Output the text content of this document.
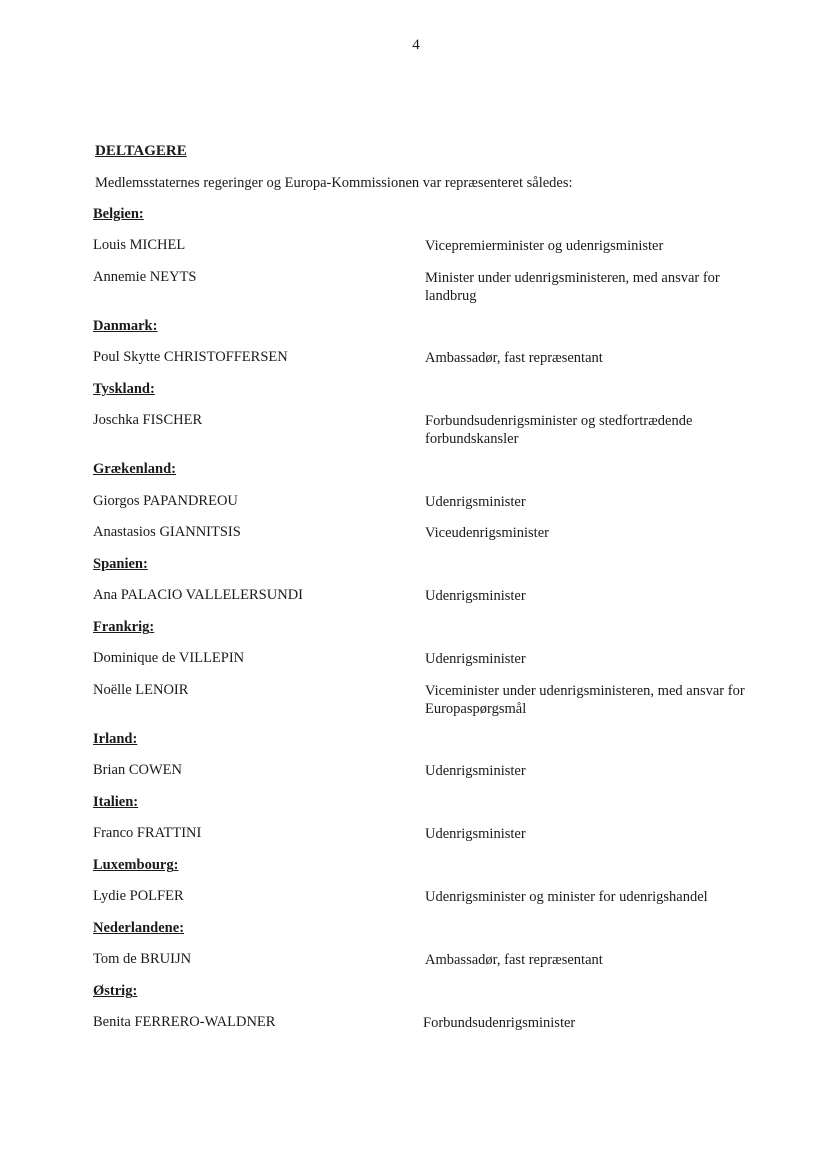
4
DELTAGERE
Medlemsstaternes regeringer og Europa-Kommissionen var repræsenteret således:
Belgien:
Louis MICHEL	Vicepremierminister og udenrigsminister
Annemie NEYTS	Minister under udenrigsministeren, med ansvar for landbrug
Danmark:
Poul Skytte CHRISTOFFERSEN	Ambassadør, fast repræsentant
Tyskland:
Joschka FISCHER	Forbundsudenrigsminister og stedfortrædende forbundskansler
Grækenland:
Giorgos PAPANDREOU	Udenrigsminister
Anastasios GIANNITSIS	Viceudenrigsminister
Spanien:
Ana PALACIO VALLELERSUNDI	Udenrigsminister
Frankrig:
Dominique de VILLEPIN	Udenrigsminister
Noëlle LENOIR	Viceminister under udenrigsministeren, med ansvar for Europaspørgsmål
Irland:
Brian COWEN	Udenrigsminister
Italien:
Franco FRATTINI	Udenrigsminister
Luxembourg:
Lydie POLFER	Udenrigsminister og minister for udenrigshandel
Nederlandene:
Tom de BRUIJN	Ambassadør, fast repræsentant
Østrig:
Benita FERRERO-WALDNER	Forbundsudenrigsminister
